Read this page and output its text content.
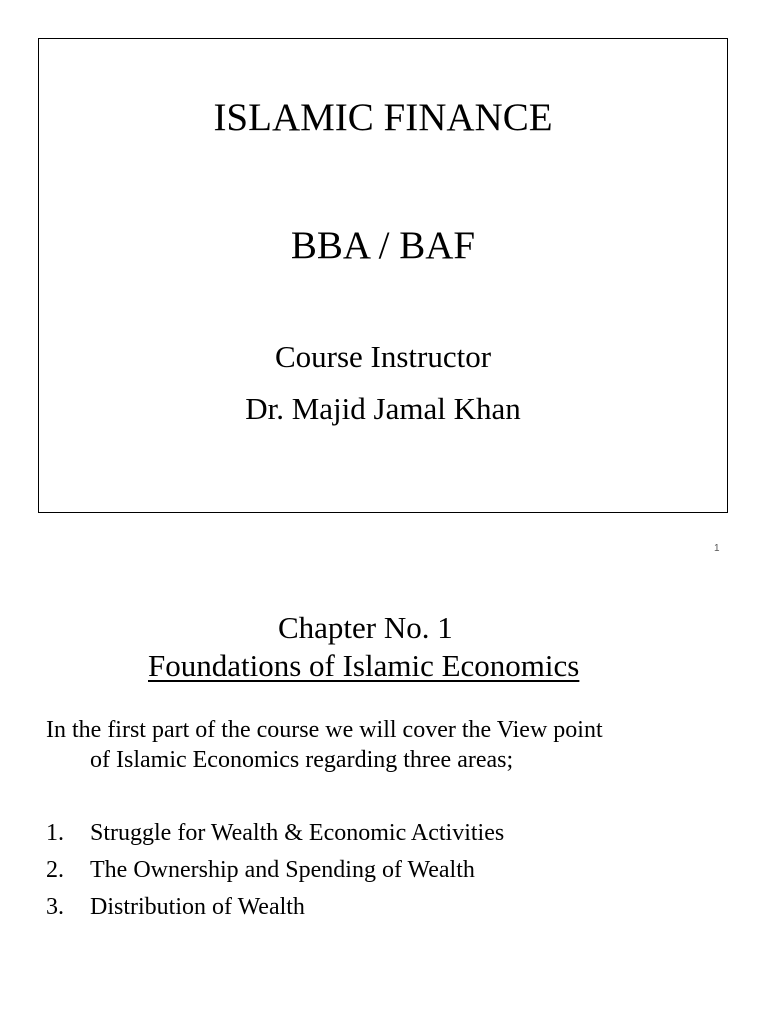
ISLAMIC FINANCE
BBA / BAF
Course Instructor
Dr. Majid Jamal Khan
1
Chapter No. 1
Foundations of Islamic Economics
In the first part of the course we will cover the View point
of Islamic Economics regarding three areas;
1. Struggle for Wealth & Economic Activities
2. The Ownership and Spending of Wealth
3. Distribution of Wealth
